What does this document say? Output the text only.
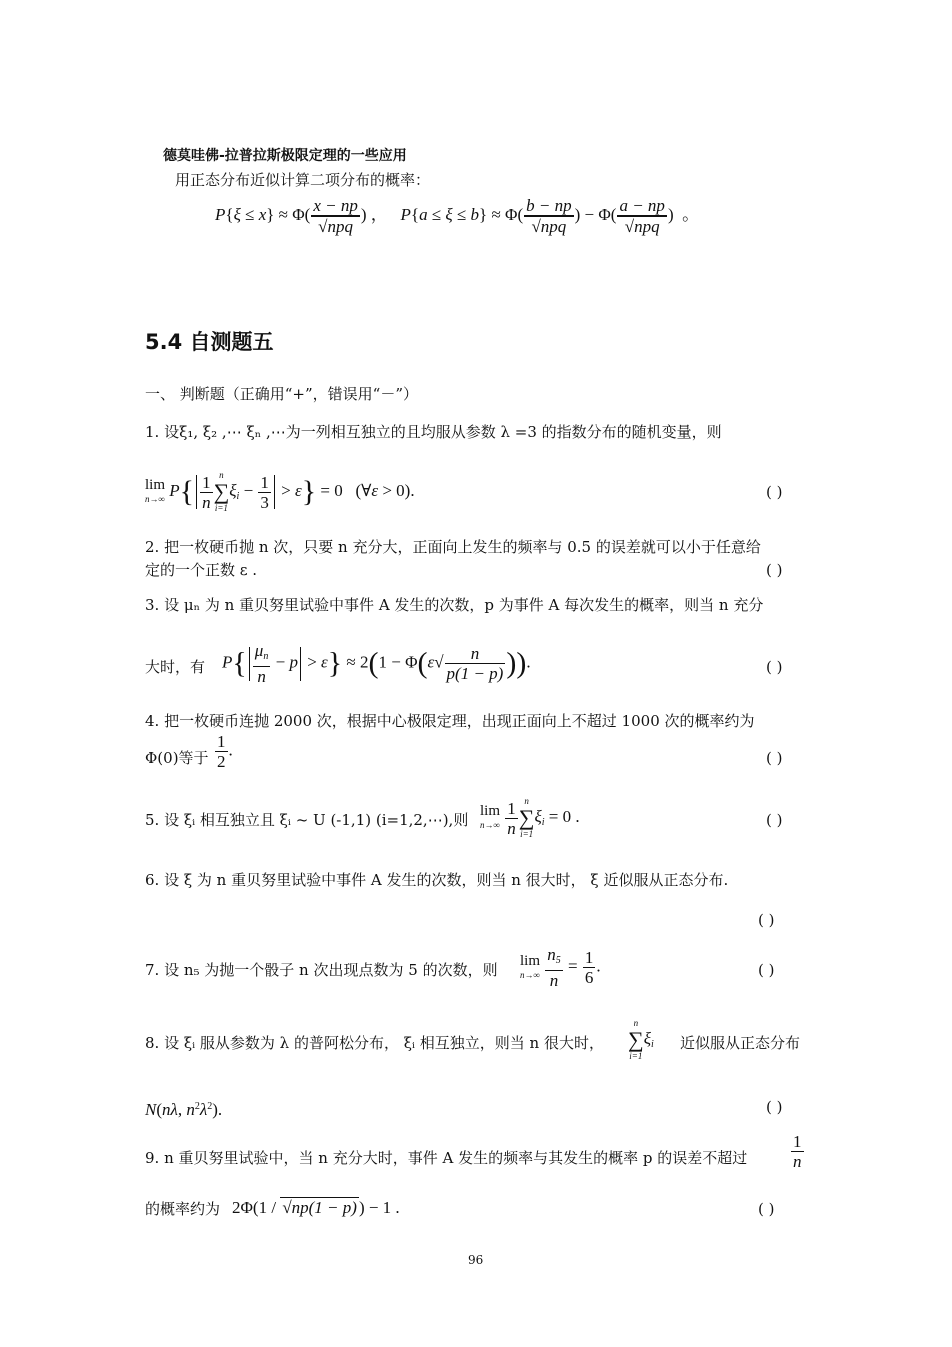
德莫哇佛-拉普拉斯极限定理的一些应用
用正态分布近似计算二项分布的概率：
$P\{\xi \le x\} \approx \Phi( \frac{x - np}{\text{√npq}}$ ) ， $P\{a \le \xi \le b\} \approx \Phi( \frac{b - np}{\text{√npq}}$ ) − $\Phi( \frac{a - np}{\text{√npq}}$ )  。
5.4 自测题五
一、 判断题（正确用“+”，错误用“－”）
1. 设ξ₁, ξ₂ ,⋯ ξₙ ,⋯为一列相互独立的且均服从参数 λ =3 的指数分布的随机变量，则
lim
n→∞ $P\{ \frac{1}{n}$ n
∑
i=1
$\xi_i - \frac{1}{3} > \varepsilon\} = 0$   (∀ε > 0).	( )
2. 把一枚硬币抛 n 次，只要 n 充分大，正面向上发生的频率与 0.5 的误差就可以小于任意给
定的一个正数 ε .	( )
3. 设 μₙ 为 n 重贝努里试验中事件 A 发生的次数，p 为事件 A 每次发生的概率，则当 n 充分
大时，有 $P\{ \frac{\mu_n}{n} - p > \varepsilon\} \approx 2(1 - \Phi(\varepsilon√ \frac{n}{p(1 - p)}$ )).	( )
4. 把一枚硬币连抛 2000 次，根据中心极限定理，出现正面向上不超过 1000 次的概率约为
Φ(0)等于 $\frac{1}{2}$ .	( )
5. 设 ξᵢ 相互独立且 ξᵢ ~ U (-1,1) (i=1,2,⋯),则 lim
n→∞
$\frac{1}{n}$ n
∑
i=1
$\xi_i = 0$ .	( )
6. 设 ξ 为 n 重贝努里试验中事件 A 发生的次数，则当 n 很大时， ξ 近似服从正态分布.
( )
7. 设 n₅ 为抛一个骰子 n 次出现点数为 5 的次数，则
lim
n→∞
$\frac{n_5}{n} = \frac{1}{6}$ .	( )
8. 设 ξᵢ 服从参数为 λ 的普阿松分布， ξᵢ 相互独立，则当 n 很大时，
n
∑
i=1
$\xi_i$ 近似服从正态分布
N(nλ, $n^2\lambda^2$).	( )
9. n 重贝努里试验中，当 n 充分大时，事件 A 发生的频率与其发生的概率 p 的误差不超过	$\frac{1}{n}$
的概率约为 2Φ(1 / √np(1 − p) ) − 1 .	( )
96
